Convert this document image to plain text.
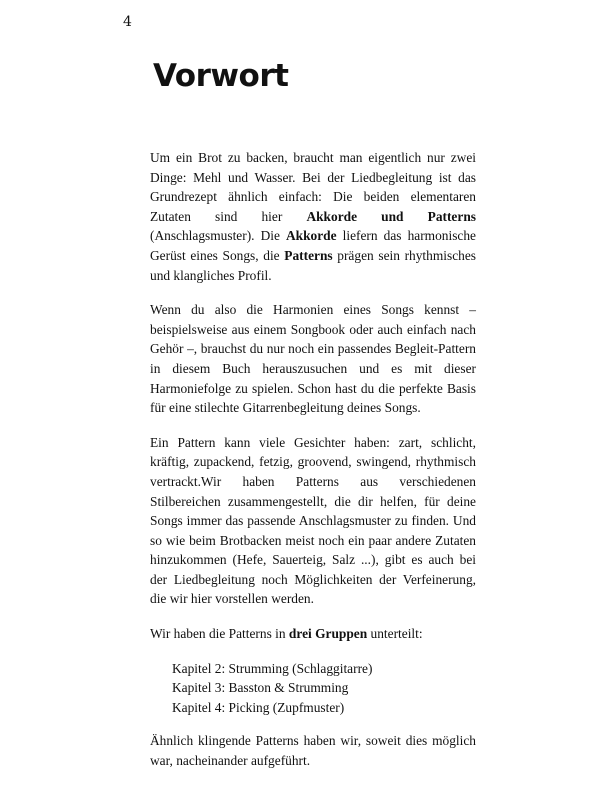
4
Vorwort

Um ein Brot zu backen, braucht man eigentlich nur zwei Dinge: Mehl und Wasser. Bei der Liedbegleitung ist das Grundrezept ähnlich einfach: Die beiden elementaren Zutaten sind hier Akkorde und Patterns (Anschlagsmuster). Die Akkorde liefern das harmonische Gerüst eines Songs, die Patterns prägen sein rhythmisches und klangliches Profil.

Wenn du also die Harmonien eines Songs kennst – beispielsweise aus einem Songbook oder auch einfach nach Gehör –, brauchst du nur noch ein passendes Begleit-Pattern in diesem Buch herauszusuchen und es mit dieser Harmoniefolge zu spielen. Schon hast du die perfekte Basis für eine stilechte Gitarrenbegleitung deines Songs.

Ein Pattern kann viele Gesichter haben: zart, schlicht, kräftig, zupackend, fetzig, groovend, swingend, rhythmisch vertrackt.Wir haben Patterns aus verschiedenen Stilbereichen zusammengestellt, die dir helfen, für deine Songs immer das passende Anschlagsmuster zu finden. Und so wie beim Brotbacken meist noch ein paar andere Zutaten hinzukommen (Hefe, Sauerteig, Salz ...), gibt es auch bei der Liedbegleitung noch Möglichkeiten der Verfeinerung, die wir hier vorstellen werden.

Wir haben die Patterns in drei Gruppen unterteilt:

Kapitel 2: Strumming (Schlaggitarre)
Kapitel 3: Basston & Strumming
Kapitel 4: Picking (Zupfmuster)

Ähnlich klingende Patterns haben wir, soweit dies möglich war, nacheinander aufgeführt.
